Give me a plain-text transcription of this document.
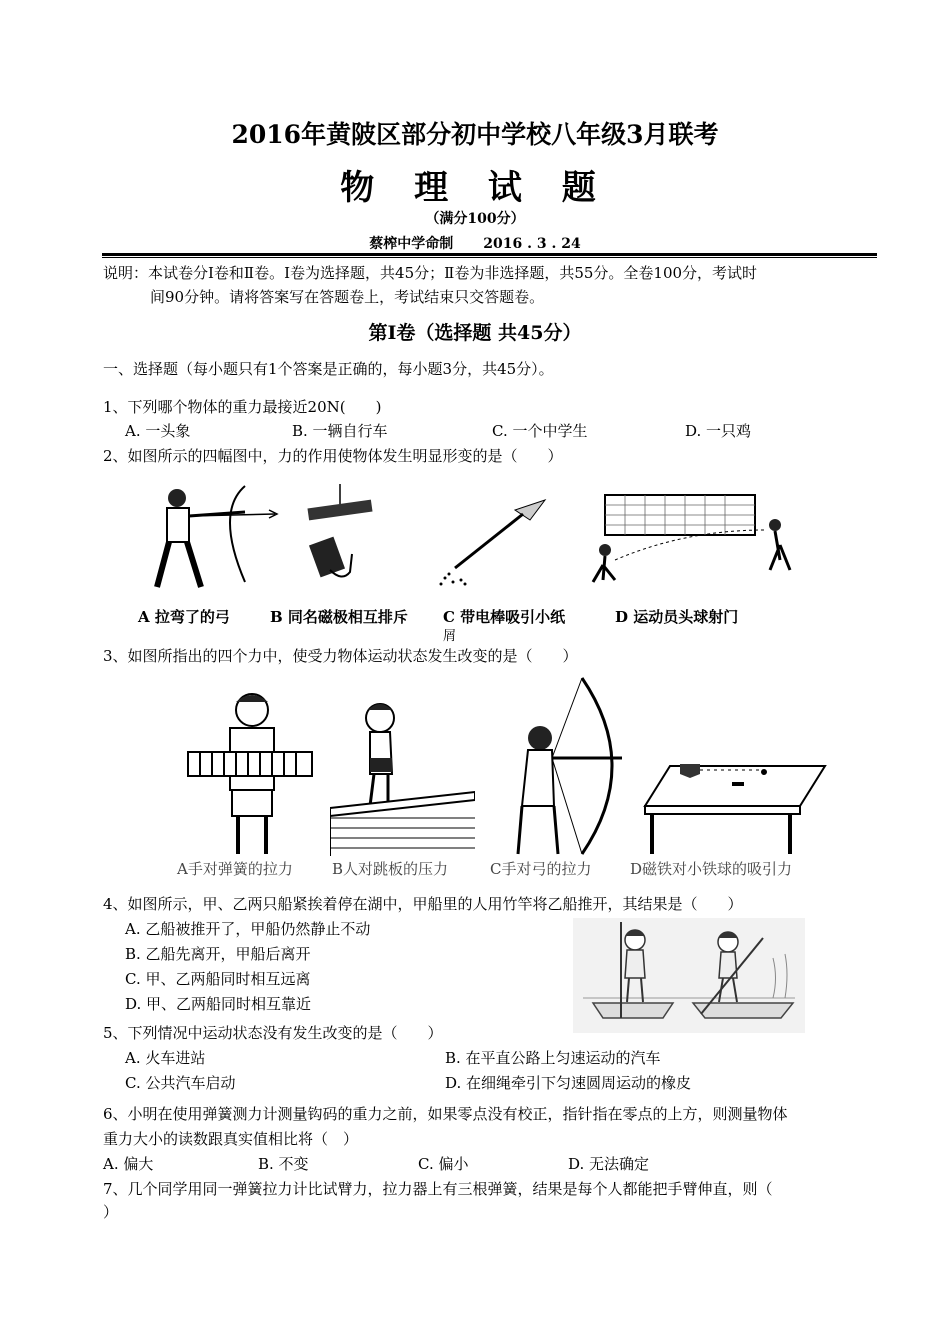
2016年黄陂区部分初中学校八年级3月联考
物 理 试 题
（满分100分）
蔡榨中学命制 2016 . 3 . 24
说明：本试卷分Ⅰ卷和Ⅱ卷。Ⅰ卷为选择题，共45分；Ⅱ卷为非选择题，共55分。全卷100分，考试时
间90分钟。请将答案写在答题卷上，考试结束只交答题卷。
第Ⅰ卷（选择题 共45分）
一、选择题（每小题只有1个答案是正确的，每小题3分，共45分）。
1、下列哪个物体的重力最接近20N(　　)
A. 一头象	B. 一辆自行车	C. 一个中学生	D. 一只鸡
2、如图所示的四幅图中，力的作用使物体发生明显形变的是（　　）
A 拉弯了的弓	B 同名磁极相互排斥 C 带电棒吸引小纸
屑
D 运动员头球射门
3、如图所指出的四个力中，使受力物体运动状态发生改变的是（　　）
A手对弹簧的拉力	B人对跳板的压力	C手对弓的拉力	D磁铁对小铁球的吸引力
4、如图所示，甲、乙两只船紧挨着停在湖中，甲船里的人用竹竿将乙船推开，其结果是（　　）
A. 乙船被推开了，甲船仍然静止不动
B. 乙船先离开，甲船后离开
C. 甲、乙两船同时相互远离
D. 甲、乙两船同时相互靠近
5、下列情况中运动状态没有发生改变的是（　　）
A. 火车进站	B. 在平直公路上匀速运动的汽车
C. 公共汽车启动	D. 在细绳牵引下匀速圆周运动的橡皮
6、小明在使用弹簧测力计测量钩码的重力之前，如果零点没有校正，指针指在零点的上方，则测量物体
重力大小的读数跟真实值相比将（　）
A. 偏大	B. 不变	C. 偏小	D. 无法确定
7、几个同学用同一弹簧拉力计比试臂力，拉力器上有三根弹簧，结果是每个人都能把手臂伸直，则（
）
